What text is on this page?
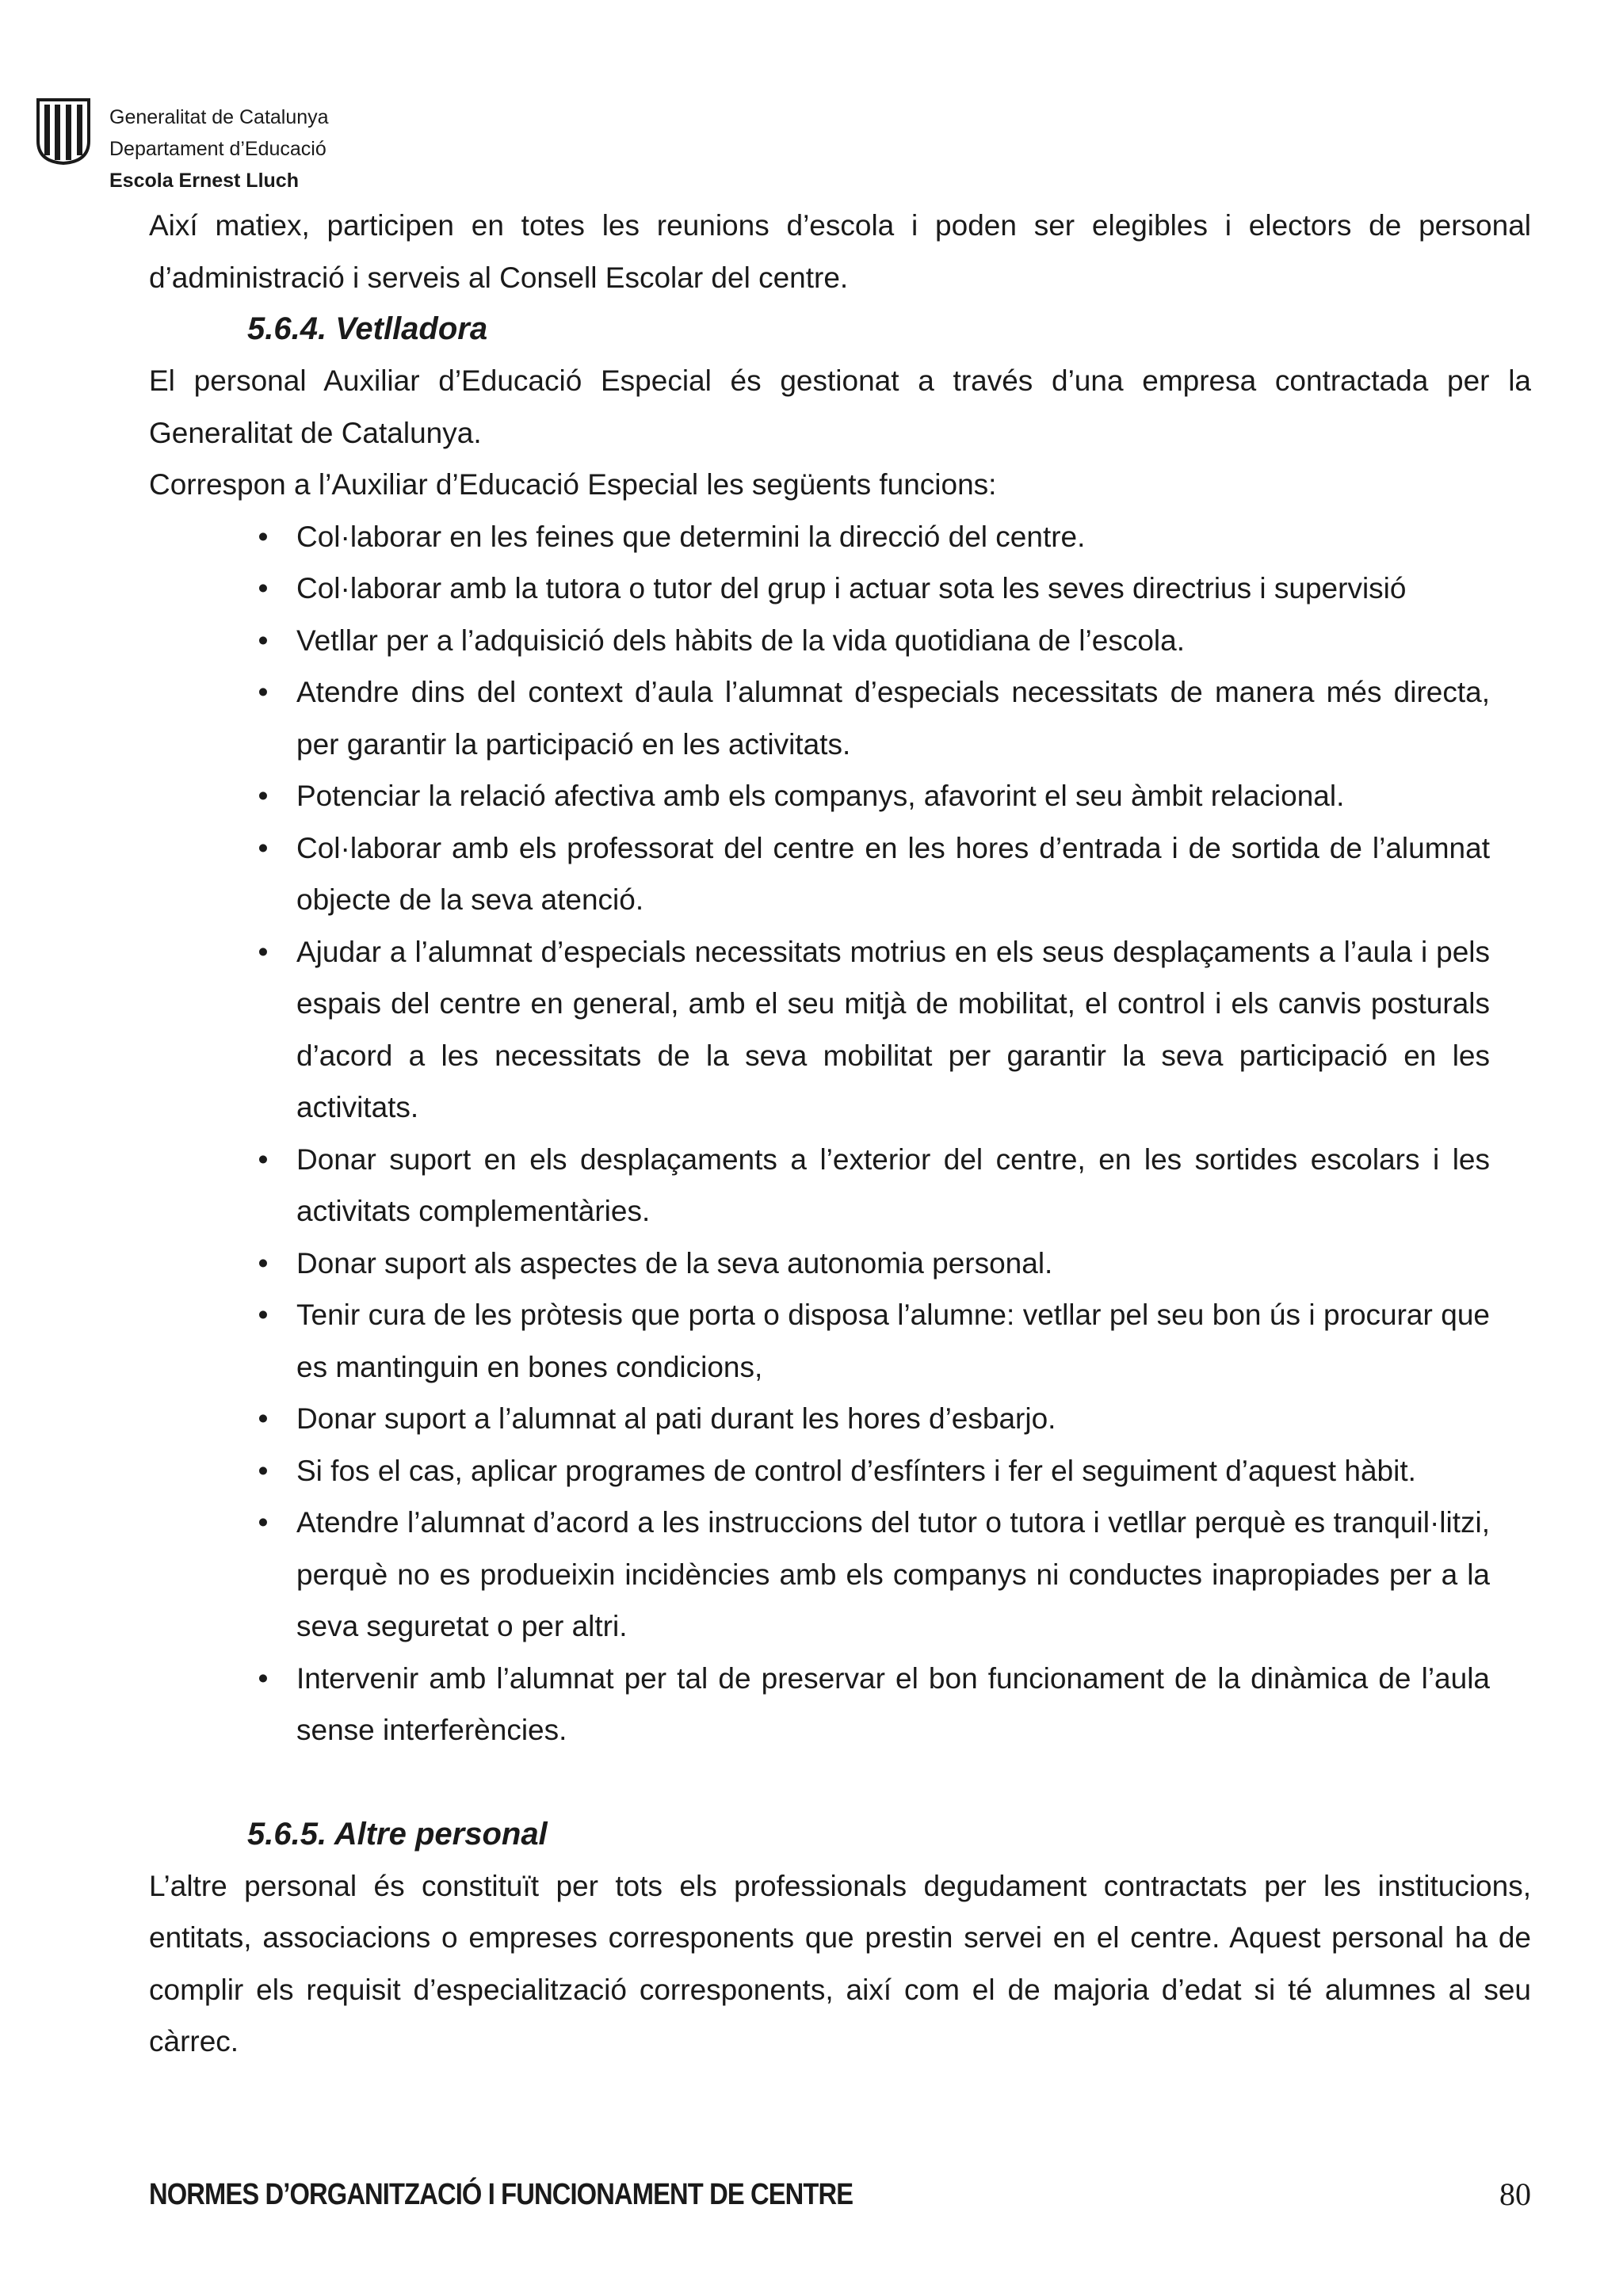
Generalitat de Catalunya
Departament d’Educació
Escola Ernest Lluch

Així matiex, participen en totes les reunions d’escola i poden ser elegibles i electors de personal d’administració i serveis al Consell Escolar del centre.

5.6.4. Vetlladora

El personal Auxiliar d’Educació Especial és gestionat a través d’una empresa contractada per la Generalitat de Catalunya.

Correspon a l’Auxiliar d’Educació Especial les següents funcions:

• Col·laborar en les feines que determini la direcció del centre.
• Col·laborar amb la tutora o tutor del grup i actuar sota les seves directrius i supervisió
• Vetllar per a l’adquisició dels hàbits de la vida quotidiana de l’escola.
• Atendre dins del context d’aula l’alumnat d’especials necessitats de manera més directa, per garantir la participació en les activitats.
• Potenciar la relació afectiva amb els companys, afavorint el seu àmbit relacional.
• Col·laborar amb els professorat del centre en les hores d’entrada i de sortida de l’alumnat objecte de la seva atenció.
• Ajudar a l’alumnat d’especials necessitats motrius en els seus desplaçaments a l’aula i pels espais del centre en general, amb el seu mitjà de mobilitat, el control i els canvis posturals d’acord a les necessitats de la seva mobilitat per garantir la seva participació en les activitats.
• Donar suport en els desplaçaments a l’exterior del centre, en les sortides escolars i les activitats complementàries.
• Donar suport als aspectes de la seva autonomia personal.
• Tenir cura de les pròtesis que porta o disposa l’alumne: vetllar pel seu bon ús i procurar que es mantinguin en bones condicions,
• Donar suport a l’alumnat al pati durant les hores d’esbarjo.
• Si fos el cas, aplicar programes de control d’esfínters i fer el seguiment d’aquest hàbit.
• Atendre l’alumnat d’acord a les instruccions del tutor o tutora i vetllar perquè es tranquil·litzi, perquè no es produeixin incidències amb els companys ni conductes inapropiades per a la seva seguretat o per altri.
• Intervenir amb l’alumnat per tal de preservar el bon funcionament de la dinàmica de l’aula sense interferències.
5.6.5. Altre personal

L’altre personal és constituït per tots els professionals degudament contractats per les institucions, entitats, associacions o empreses corresponents que prestin servei en el centre. Aquest personal ha de complir els requisit d’especialització corresponents, així com el de majoria d’edat si té alumnes al seu càrrec.

NORMES D’ORGANITZACIÓ I FUNCIONAMENT DE CENTRE	80
